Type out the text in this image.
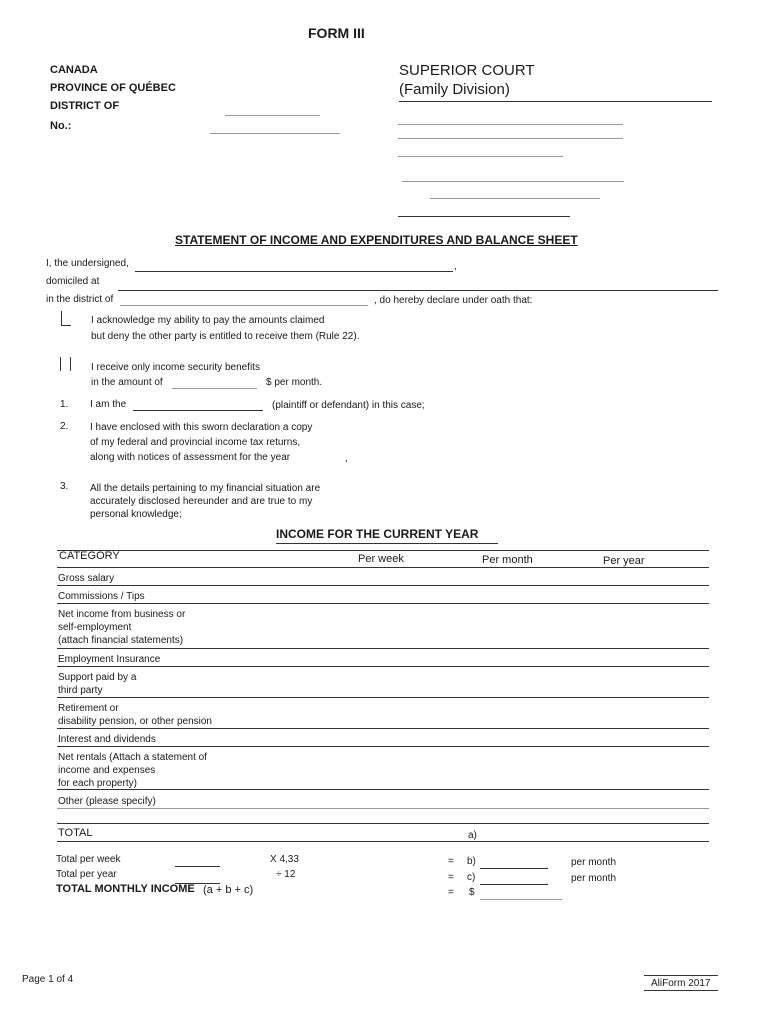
FORM III
CANADA
PROVINCE OF QUÉBEC
DISTRICT OF
No.:
SUPERIOR COURT
(Family Division)
STATEMENT OF INCOME AND EXPENDITURES AND BALANCE SHEET
I, the undersigned,	,
domiciled at
in the district of	, do hereby declare under oath that:
I acknowledge my ability to pay the amounts claimed
but deny the other party is entitled to receive them (Rule 22).
I receive only income security benefits
in the amount of	$ per month.
1. I am the	(plaintiff or defendant) in this case;
2. I have enclosed with this sworn declaration a copy
of my federal and provincial income tax returns,
along with notices of assessment for the year	,
3. All the details pertaining to my financial situation are
accurately disclosed hereunder and are true to my
personal knowledge;
INCOME FOR THE CURRENT YEAR
CATEGORY	Per week	Per month	Per year
Gross salary
Commissions / Tips
Net income from business or
self-employment
(attach financial statements)
Employment Insurance
Support paid by a
third party
Retirement or
disability pension, or other pension
Interest and dividends
Net rentals (Attach a statement of
income and expenses
for each property)
Other (please specify)
TOTAL	a)
Total per week	X 4,33	= b)	per month
Total per year	÷ 12	= c)	per month
TOTAL MONTHLY INCOME (a + b + c)	= $
Page 1 of 4	AliForm 2017
